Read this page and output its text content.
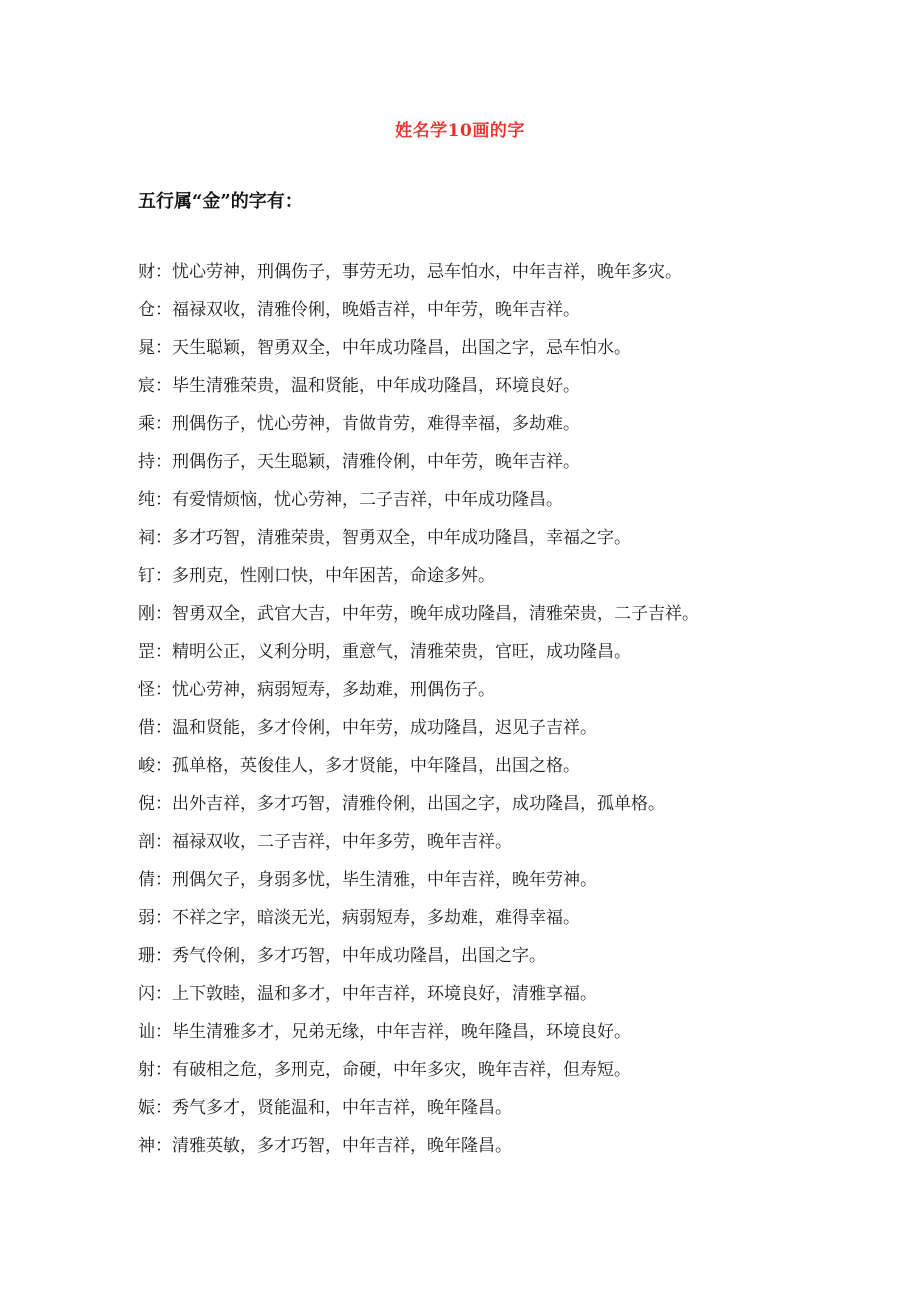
姓名学10画的字
五行属“金”的字有：
财：忧心劳神，刑偶伤子，事劳无功，忌车怕水，中年吉祥，晚年多灾。
仓：福禄双收，清雅伶俐，晚婚吉祥，中年劳，晚年吉祥。
晁：天生聪颖，智勇双全，中年成功隆昌，出国之字，忌车怕水。
宸：毕生清雅荣贵，温和贤能，中年成功隆昌，环境良好。
乘：刑偶伤子，忧心劳神，肯做肯劳，难得幸福，多劫难。
持：刑偶伤子，天生聪颖，清雅伶俐，中年劳，晚年吉祥。
纯：有爱情烦恼，忧心劳神，二子吉祥，中年成功隆昌。
祠：多才巧智，清雅荣贵，智勇双全，中年成功隆昌，幸福之字。
钉：多刑克，性刚口快，中年困苦，命途多舛。
刚：智勇双全，武官大吉，中年劳，晚年成功隆昌，清雅荣贵，二子吉祥。
罡：精明公正，义利分明，重意气，清雅荣贵，官旺，成功隆昌。
怪：忧心劳神，病弱短寿，多劫难，刑偶伤子。
借：温和贤能，多才伶俐，中年劳，成功隆昌，迟见子吉祥。
峻：孤单格，英俊佳人，多才贤能，中年隆昌，出国之格。
倪：出外吉祥，多才巧智，清雅伶俐，出国之字，成功隆昌，孤单格。
剖：福禄双收，二子吉祥，中年多劳，晚年吉祥。
倩：刑偶欠子，身弱多忧，毕生清雅，中年吉祥，晚年劳神。
弱：不祥之字，暗淡无光，病弱短寿，多劫难，难得幸福。
珊：秀气伶俐，多才巧智，中年成功隆昌，出国之字。
闪：上下敦睦，温和多才，中年吉祥，环境良好，清雅享福。
讪：毕生清雅多才，兄弟无缘，中年吉祥，晚年隆昌，环境良好。
射：有破相之危，多刑克，命硬，中年多灾，晚年吉祥，但寿短。
娠：秀气多才，贤能温和，中年吉祥，晚年隆昌。
神：清雅英敏，多才巧智，中年吉祥，晚年隆昌。
